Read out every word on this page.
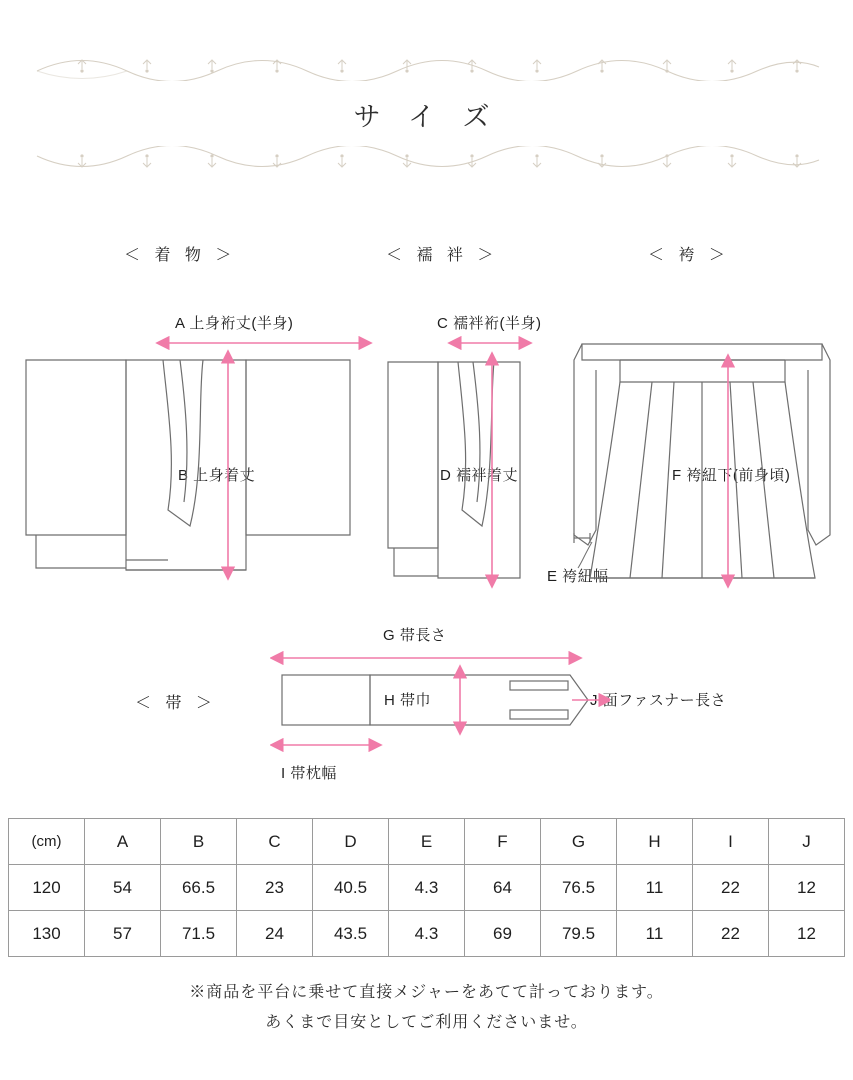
サ イ ズ
＜ 着 物 ＞	＜ 襦 袢 ＞	＜ 袴 ＞
＜ 帯 ＞
A 上身裄丈(半身)
B 上身着丈
C 襦袢裄(半身)
D 襦袢着丈
E 袴紐幅
F 袴紐下(前身頃)
G 帯長さ
H 帯巾
I 帯枕幅
J 面ファスナー長さ
(cm)	A	B	C	D	E	F	G	H	I	J
120	54	66.5	23	40.5	4.3	64	76.5	11	22	12
130	57	71.5	24	43.5	4.3	69	79.5	11	22	12
※商品を平台に乗せて直接メジャーをあてて計っております。
あくまで目安としてご利用くださいませ。
